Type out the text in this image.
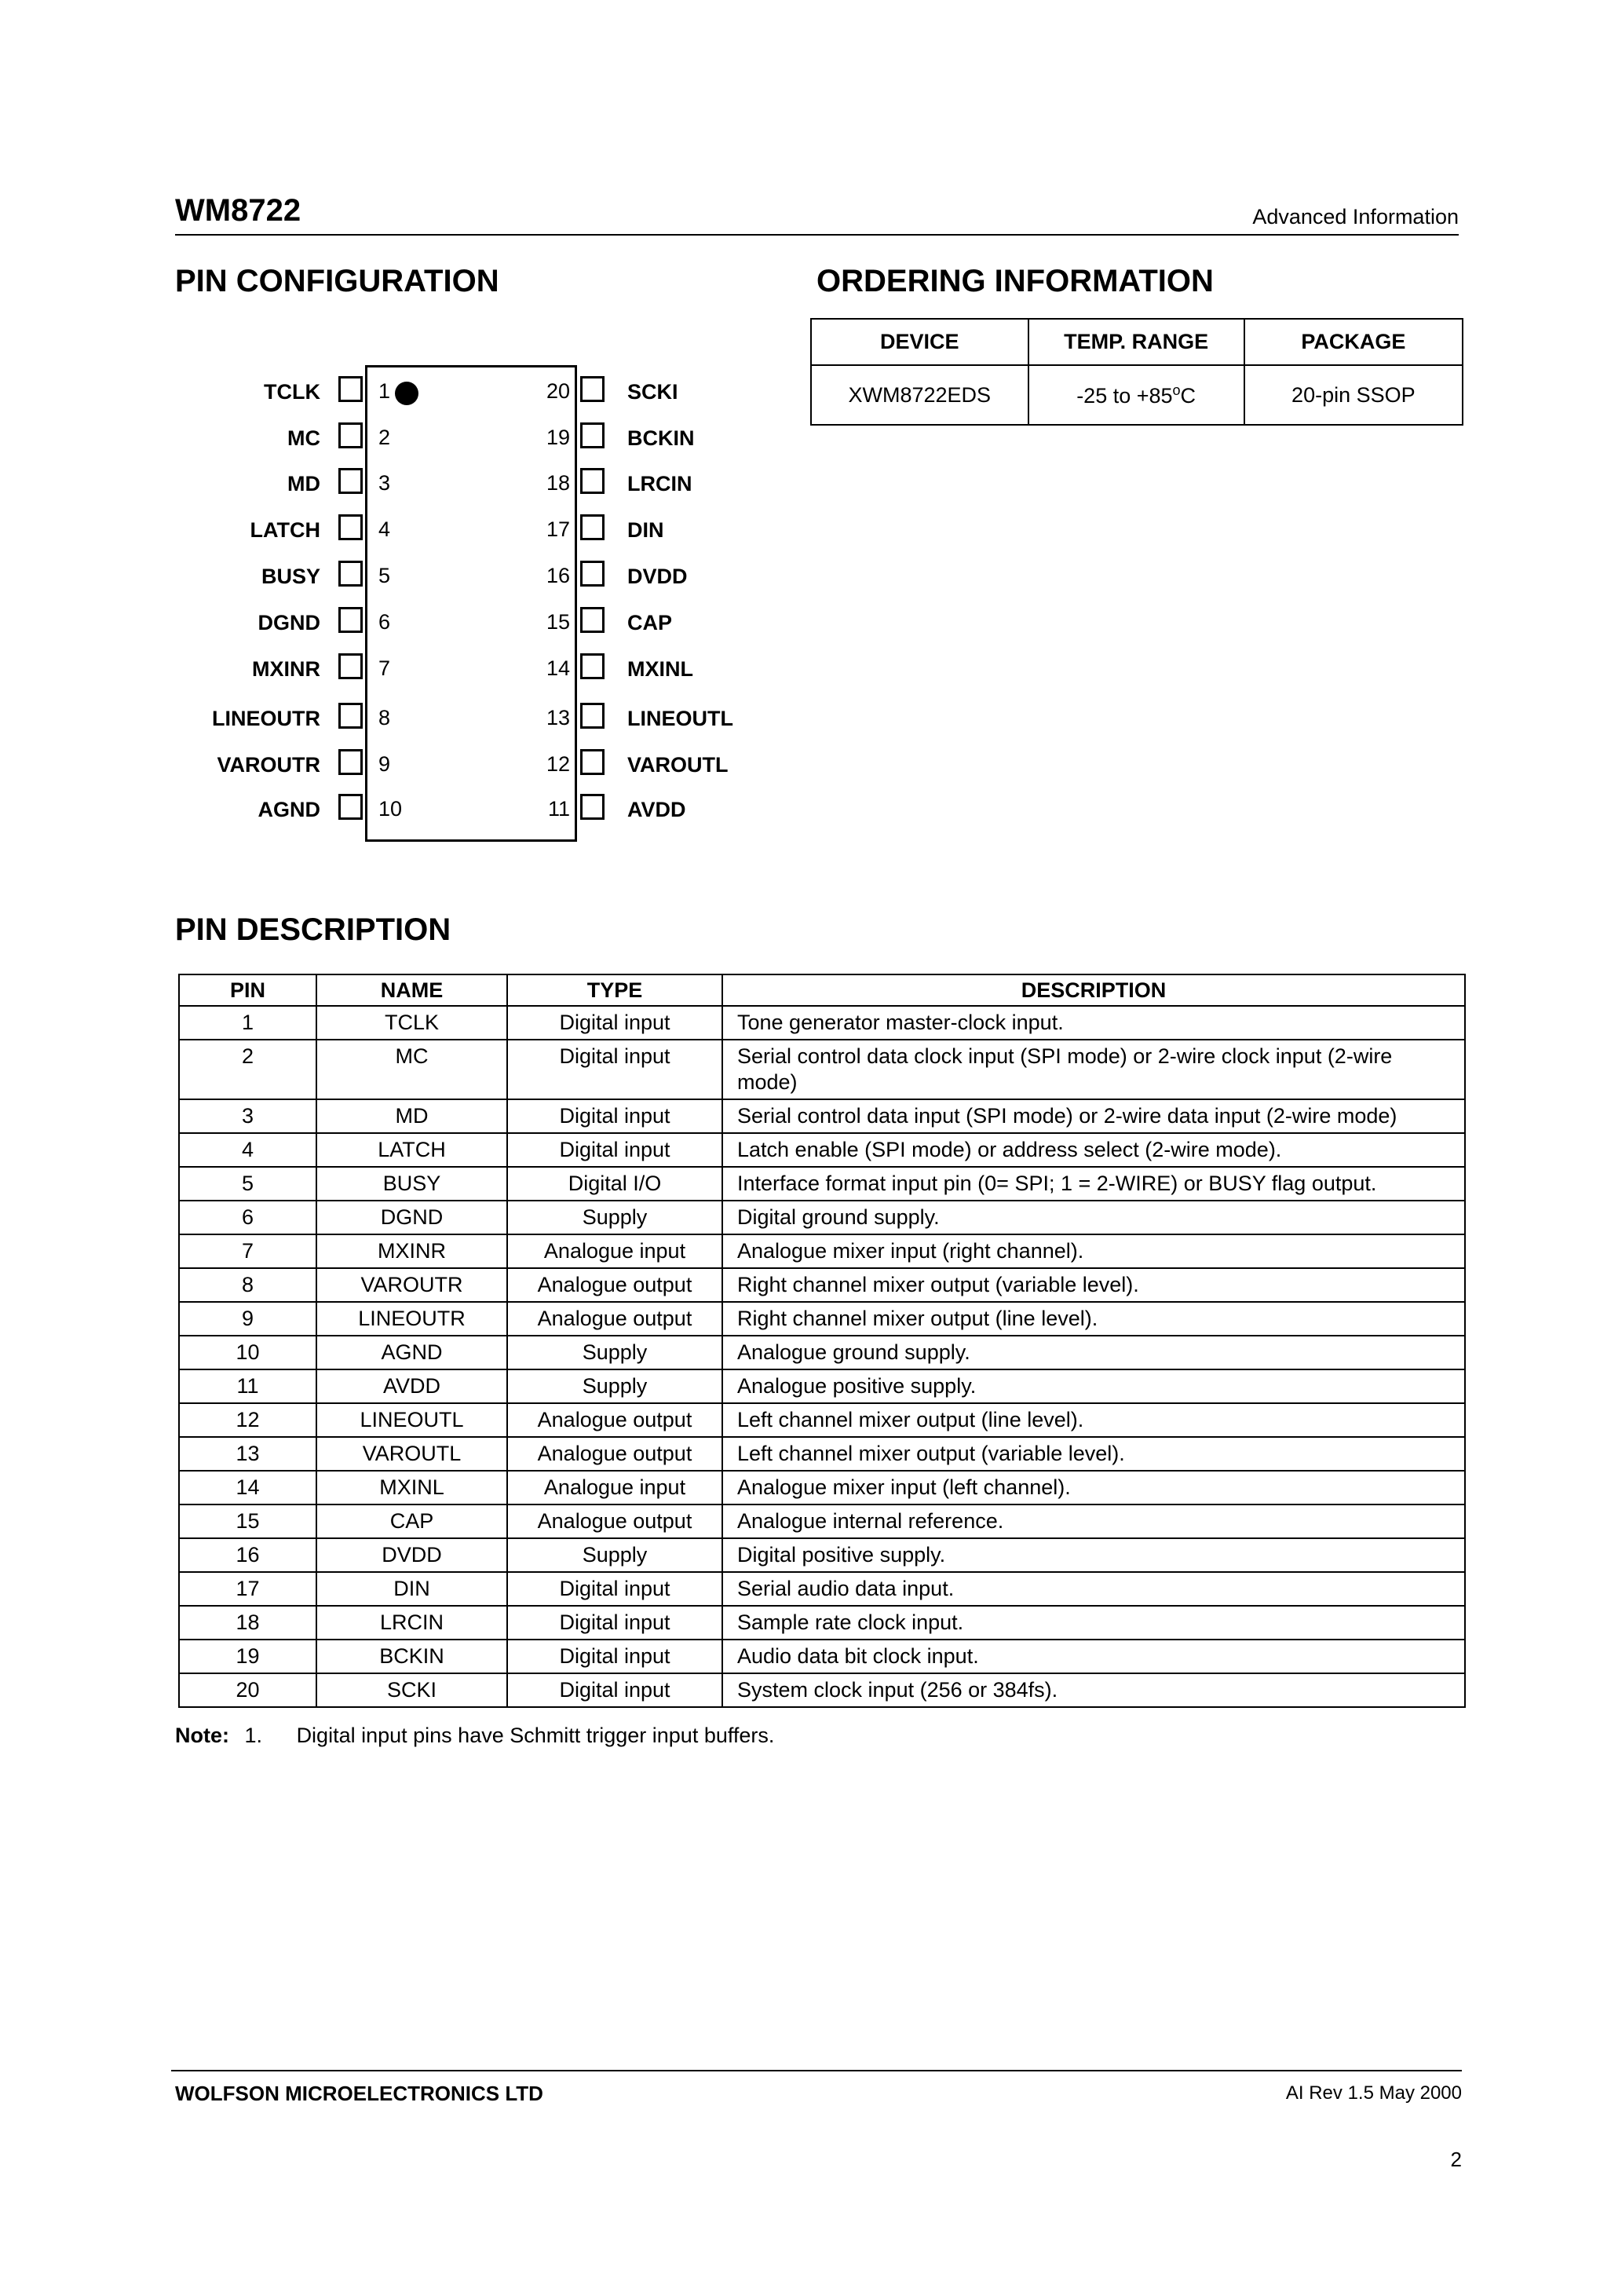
WM8722	Advanced Information
PIN CONFIGURATION	ORDERING INFORMATION
TCLK	1
MC	2
MD	3
LATCH	4
BUSY	5
DGND	6
MXINR	7
LINEOUTR	8
VAROUTR	9
AGND	10
20	SCKI
19	BCKIN
18	LRCIN
17	DIN
16	DVDD
15	CAP
14	MXINL
13	LINEOUTL
12	VAROUTL
11	AVDD
DEVICE	TEMP. RANGE	PACKAGE
XWM8722EDS	-25 to $+85^oC$	20-pin SSOP
PIN DESCRIPTION
PIN	NAME	TYPE	DESCRIPTION
1	TCLK	Digital input	Tone generator master-clock input.
2	MC	Digital input	Serial control data clock input (SPI mode) or 2-wire clock input (2-wire mode)
3	MD	Digital input	Serial control data input (SPI mode) or 2-wire data input (2-wire mode)
4	LATCH	Digital input	Latch enable (SPI mode) or address select (2-wire mode).
5	BUSY	Digital I/O	Interface format input pin (0= SPI; 1 = 2-WIRE) or BUSY flag output.
6	DGND	Supply	Digital ground supply.
7	MXINR	Analogue input	Analogue mixer input (right channel).
8	VAROUTR	Analogue output	Right channel mixer output (variable level).
9	LINEOUTR	Analogue output	Right channel mixer output (line level).
10	AGND	Supply	Analogue ground supply.
11	AVDD	Supply	Analogue positive supply.
12	LINEOUTL	Analogue output	Left channel mixer output (line level).
13	VAROUTL	Analogue output	Left channel mixer output (variable level).
14	MXINL	Analogue input	Analogue mixer input (left channel).
15	CAP	Analogue output	Analogue internal reference.
16	DVDD	Supply	Digital positive supply.
17	DIN	Digital input	Serial audio data input.
18	LRCIN	Digital input	Sample rate clock input.
19	BCKIN	Digital input	Audio data bit clock input.
20	SCKI	Digital input	System clock input (256 or 384fs).
Note: 1. Digital input pins have Schmitt trigger input buffers.
WOLFSON MICROELECTRONICS LTD	AI Rev 1.5 May 2000
2
